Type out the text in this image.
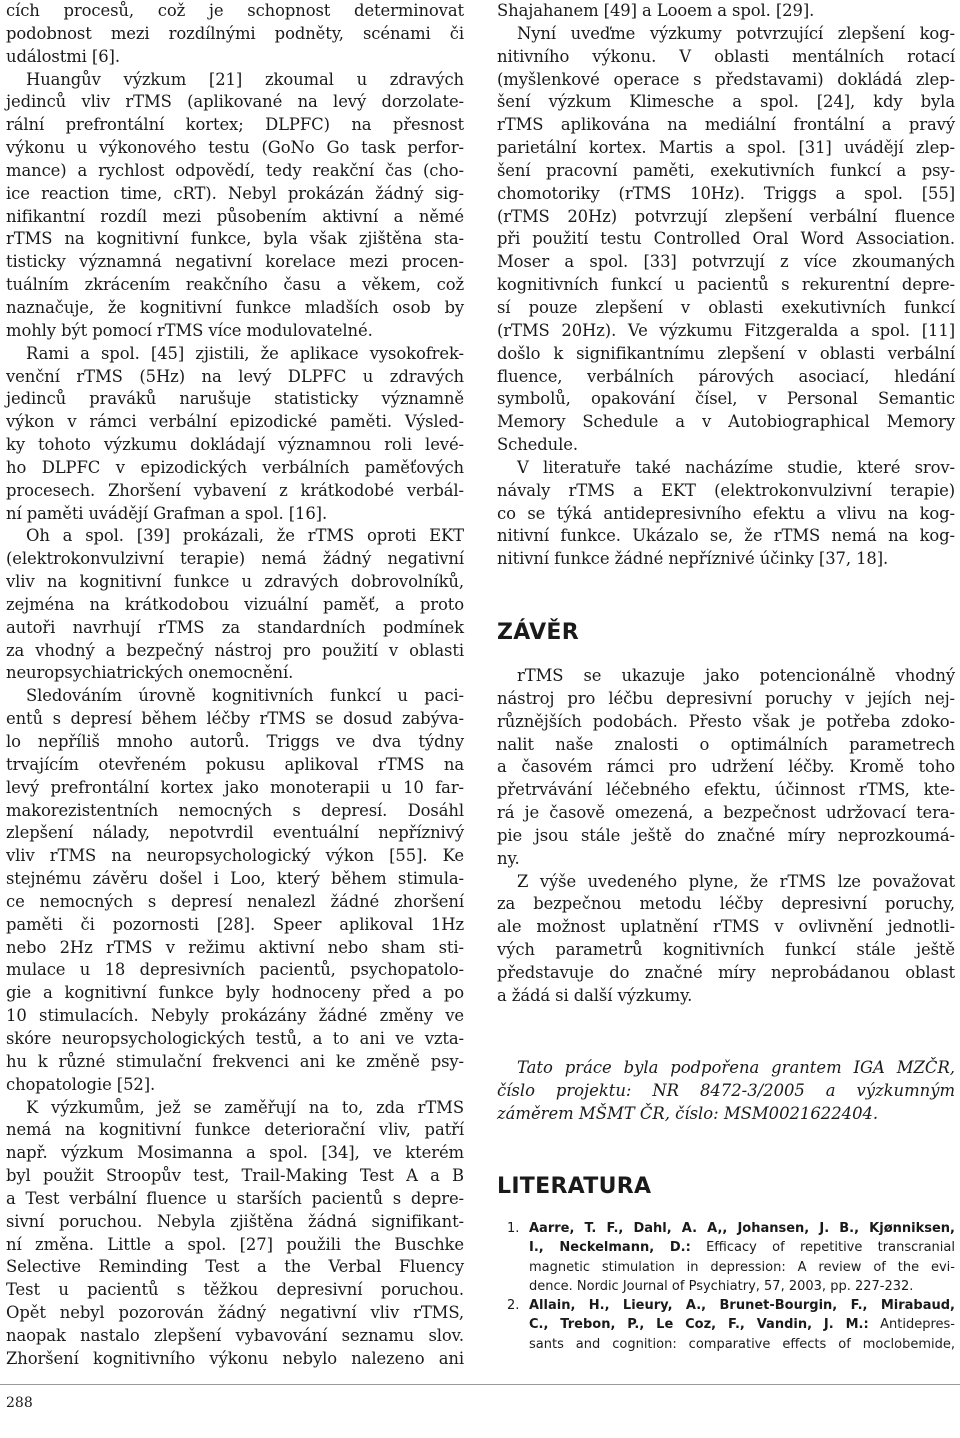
cích procesů, což je schopnost determinovat
podobnost mezi rozdílnými podněty, scénami či
událostmi [6].
Huangův výzkum [21] zkoumal u zdravých
jedinců vliv rTMS (aplikované na levý dorzolate-
rální prefrontální kortex; DLPFC) na přesnost
výkonu u výkonového testu (GoNo Go task perfor-
mance) a rychlost odpovědí, tedy reakční čas (cho-
ice reaction time, cRT). Nebyl prokázán žádný sig-
nifikantní rozdíl mezi působením aktivní a němé
rTMS na kognitivní funkce, byla však zjištěna sta-
tisticky významná negativní korelace mezi procen-
tuálním zkrácením reakčního času a věkem, což
naznačuje, že kognitivní funkce mladších osob by
mohly být pomocí rTMS více modulovatelné.
Rami a spol. [45] zjistili, že aplikace vysokofrek-
venční rTMS (5Hz) na levý DLPFC u zdravých
jedinců praváků narušuje statisticky významně
výkon v rámci verbální epizodické paměti. Výsled-
ky tohoto výzkumu dokládají významnou roli levé-
ho DLPFC v epizodických verbálních paměťových
procesech. Zhoršení vybavení z krátkodobé verbál-
ní paměti uvádějí Grafman a spol. [16].
Oh a spol. [39] prokázali, že rTMS oproti EKT
(elektrokonvulzivní terapie) nemá žádný negativní
vliv na kognitivní funkce u zdravých dobrovolníků,
zejména na krátkodobou vizuální paměť, a proto
autoři navrhují rTMS za standardních podmínek
za vhodný a bezpečný nástroj pro použití v oblasti
neuropsychiatrických onemocnění.
Sledováním úrovně kognitivních funkcí u paci-
entů s depresí během léčby rTMS se dosud zabýva-
lo nepříliš mnoho autorů. Triggs ve dva týdny
trvajícím otevřeném pokusu aplikoval rTMS na
levý prefrontální kortex jako monoterapii u 10 far-
makorezistentních nemocných s depresí. Dosáhl
zlepšení nálady, nepotvrdil eventuální nepříznivý
vliv rTMS na neuropsychologický výkon [55]. Ke
stejnému závěru došel i Loo, který během stimula-
ce nemocných s depresí nenalezl žádné zhoršení
paměti či pozornosti [28]. Speer aplikoval 1Hz
nebo 2Hz rTMS v režimu aktivní nebo sham sti-
mulace u 18 depresivních pacientů, psychopatolo-
gie a kognitivní funkce byly hodnoceny před a po
10 stimulacích. Nebyly prokázány žádné změny ve
skóre neuropsychologických testů, a to ani ve vzta-
hu k různé stimulační frekvenci ani ke změně psy-
chopatologie [52].
K výzkumům, jež se zaměřují na to, zda rTMS
nemá na kognitivní funkce deteriorační vliv, patří
např. výzkum Mosimanna a spol. [34], ve kterém
byl použit Stroopův test, Trail-Making Test A a B
a Test verbální fluence u starších pacientů s depre-
sivní poruchou. Nebyla zjištěna žádná signifikant-
ní změna. Little a spol. [27] použili the Buschke
Selective Reminding Test a the Verbal Fluency
Test u pacientů s těžkou depresivní poruchou.
Opět nebyl pozorován žádný negativní vliv rTMS,
naopak nastalo zlepšení vybavování seznamu slov.
Zhoršení kognitivního výkonu nebylo nalezeno ani
Shajahanem [49] a Looem a spol. [29].
Nyní uveďme výzkumy potvrzující zlepšení kog-
nitivního výkonu. V oblasti mentálních rotací
(myšlenkové operace s představami) dokládá zlep-
šení výzkum Klimesche a spol. [24], kdy byla
rTMS aplikována na mediální frontální a pravý
parietální kortex. Martis a spol. [31] uvádějí zlep-
šení pracovní paměti, exekutivních funkcí a psy-
chomotoriky (rTMS 10Hz). Triggs a spol. [55]
(rTMS 20Hz) potvrzují zlepšení verbální fluence
při použití testu Controlled Oral Word Association.
Moser a spol. [33] potvrzují z více zkoumaných
kognitivních funkcí u pacientů s rekurentní depre-
sí pouze zlepšení v oblasti exekutivních funkcí
(rTMS 20Hz). Ve výzkumu Fitzgeralda a spol. [11]
došlo k signifikantnímu zlepšení v oblasti verbální
fluence, verbálních párových asociací, hledání
symbolů, opakování čísel, v Personal Semantic
Memory Schedule a v Autobiographical Memory
Schedule.
V literatuře také nacházíme studie, které srov-
návaly rTMS a EKT (elektrokonvulzivní terapie)
co se týká antidepresivního efektu a vlivu na kog-
nitivní funkce. Ukázalo se, že rTMS nemá na kog-
nitivní funkce žádné nepříznivé účinky [37, 18].
ZÁVĚR
rTMS se ukazuje jako potencionálně vhodný
nástroj pro léčbu depresivní poruchy v jejích nej-
různějších podobách. Přesto však je potřeba zdoko-
nalit naše znalosti o optimálních parametrech
a časovém rámci pro udržení léčby. Kromě toho
přetrvávání léčebného efektu, účinnost rTMS, kte-
rá je časově omezená, a bezpečnost udržovací tera-
pie jsou stále ještě do značné míry neprozkoumá-
ny.
Z výše uvedeného plyne, že rTMS lze považovat
za bezpečnou metodu léčby depresivní poruchy,
ale možnost uplatnění rTMS v ovlivnění jednotli-
vých parametrů kognitivních funkcí stále ještě
představuje do značné míry neprobádanou oblast
a žádá si další výzkumy.
Tato práce byla podpořena grantem IGA MZČR,
číslo projektu: NR 8472-3/2005 a výzkumným
záměrem MŠMT ČR, číslo: MSM0021622404.
LITERATURA
1. Aarre, T. F., Dahl, A. A,, Johansen, J. B., Kjønniksen,
I., Neckelmann, D.: Efficacy of repetitive transcranial
magnetic stimulation in depression: A review of the evi-
dence. Nordic Journal of Psychiatry, 57, 2003, pp. 227-232.
2. Allain, H., Lieury, A., Brunet-Bourgin, F., Mirabaud,
C., Trebon, P., Le Coz, F., Vandin, J. M.: Antidepres-
sants and cognition: comparative effects of moclobemide,
288
